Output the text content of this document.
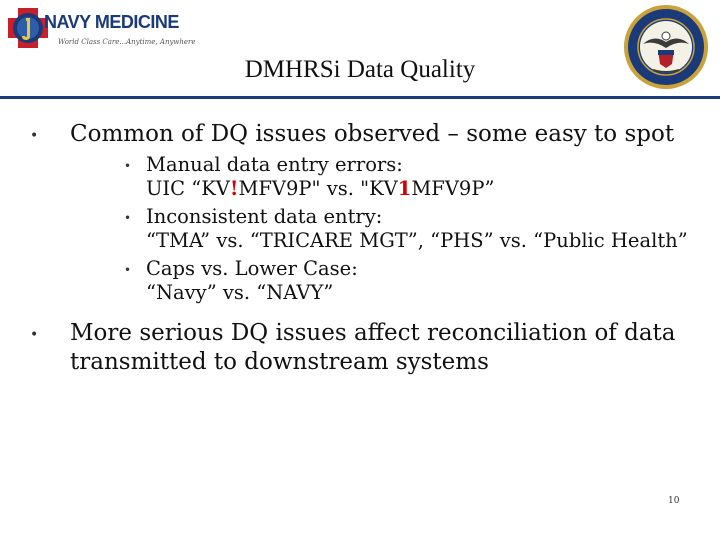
NAVY MEDICINE
World Class Care...Anytime, Anywhere
DMHRSi Data Quality
• Common of DQ issues observed – some easy to spot
• Manual data entry errors:
UIC “KV!MFV9P" vs. "KV1MFV9P”
• Inconsistent data entry:
“TMA” vs. “TRICARE MGT”, “PHS” vs. “Public Health”
• Caps vs. Lower Case:
“Navy” vs. “NAVY”
• More serious DQ issues affect reconciliation of data transmitted to downstream systems
10
